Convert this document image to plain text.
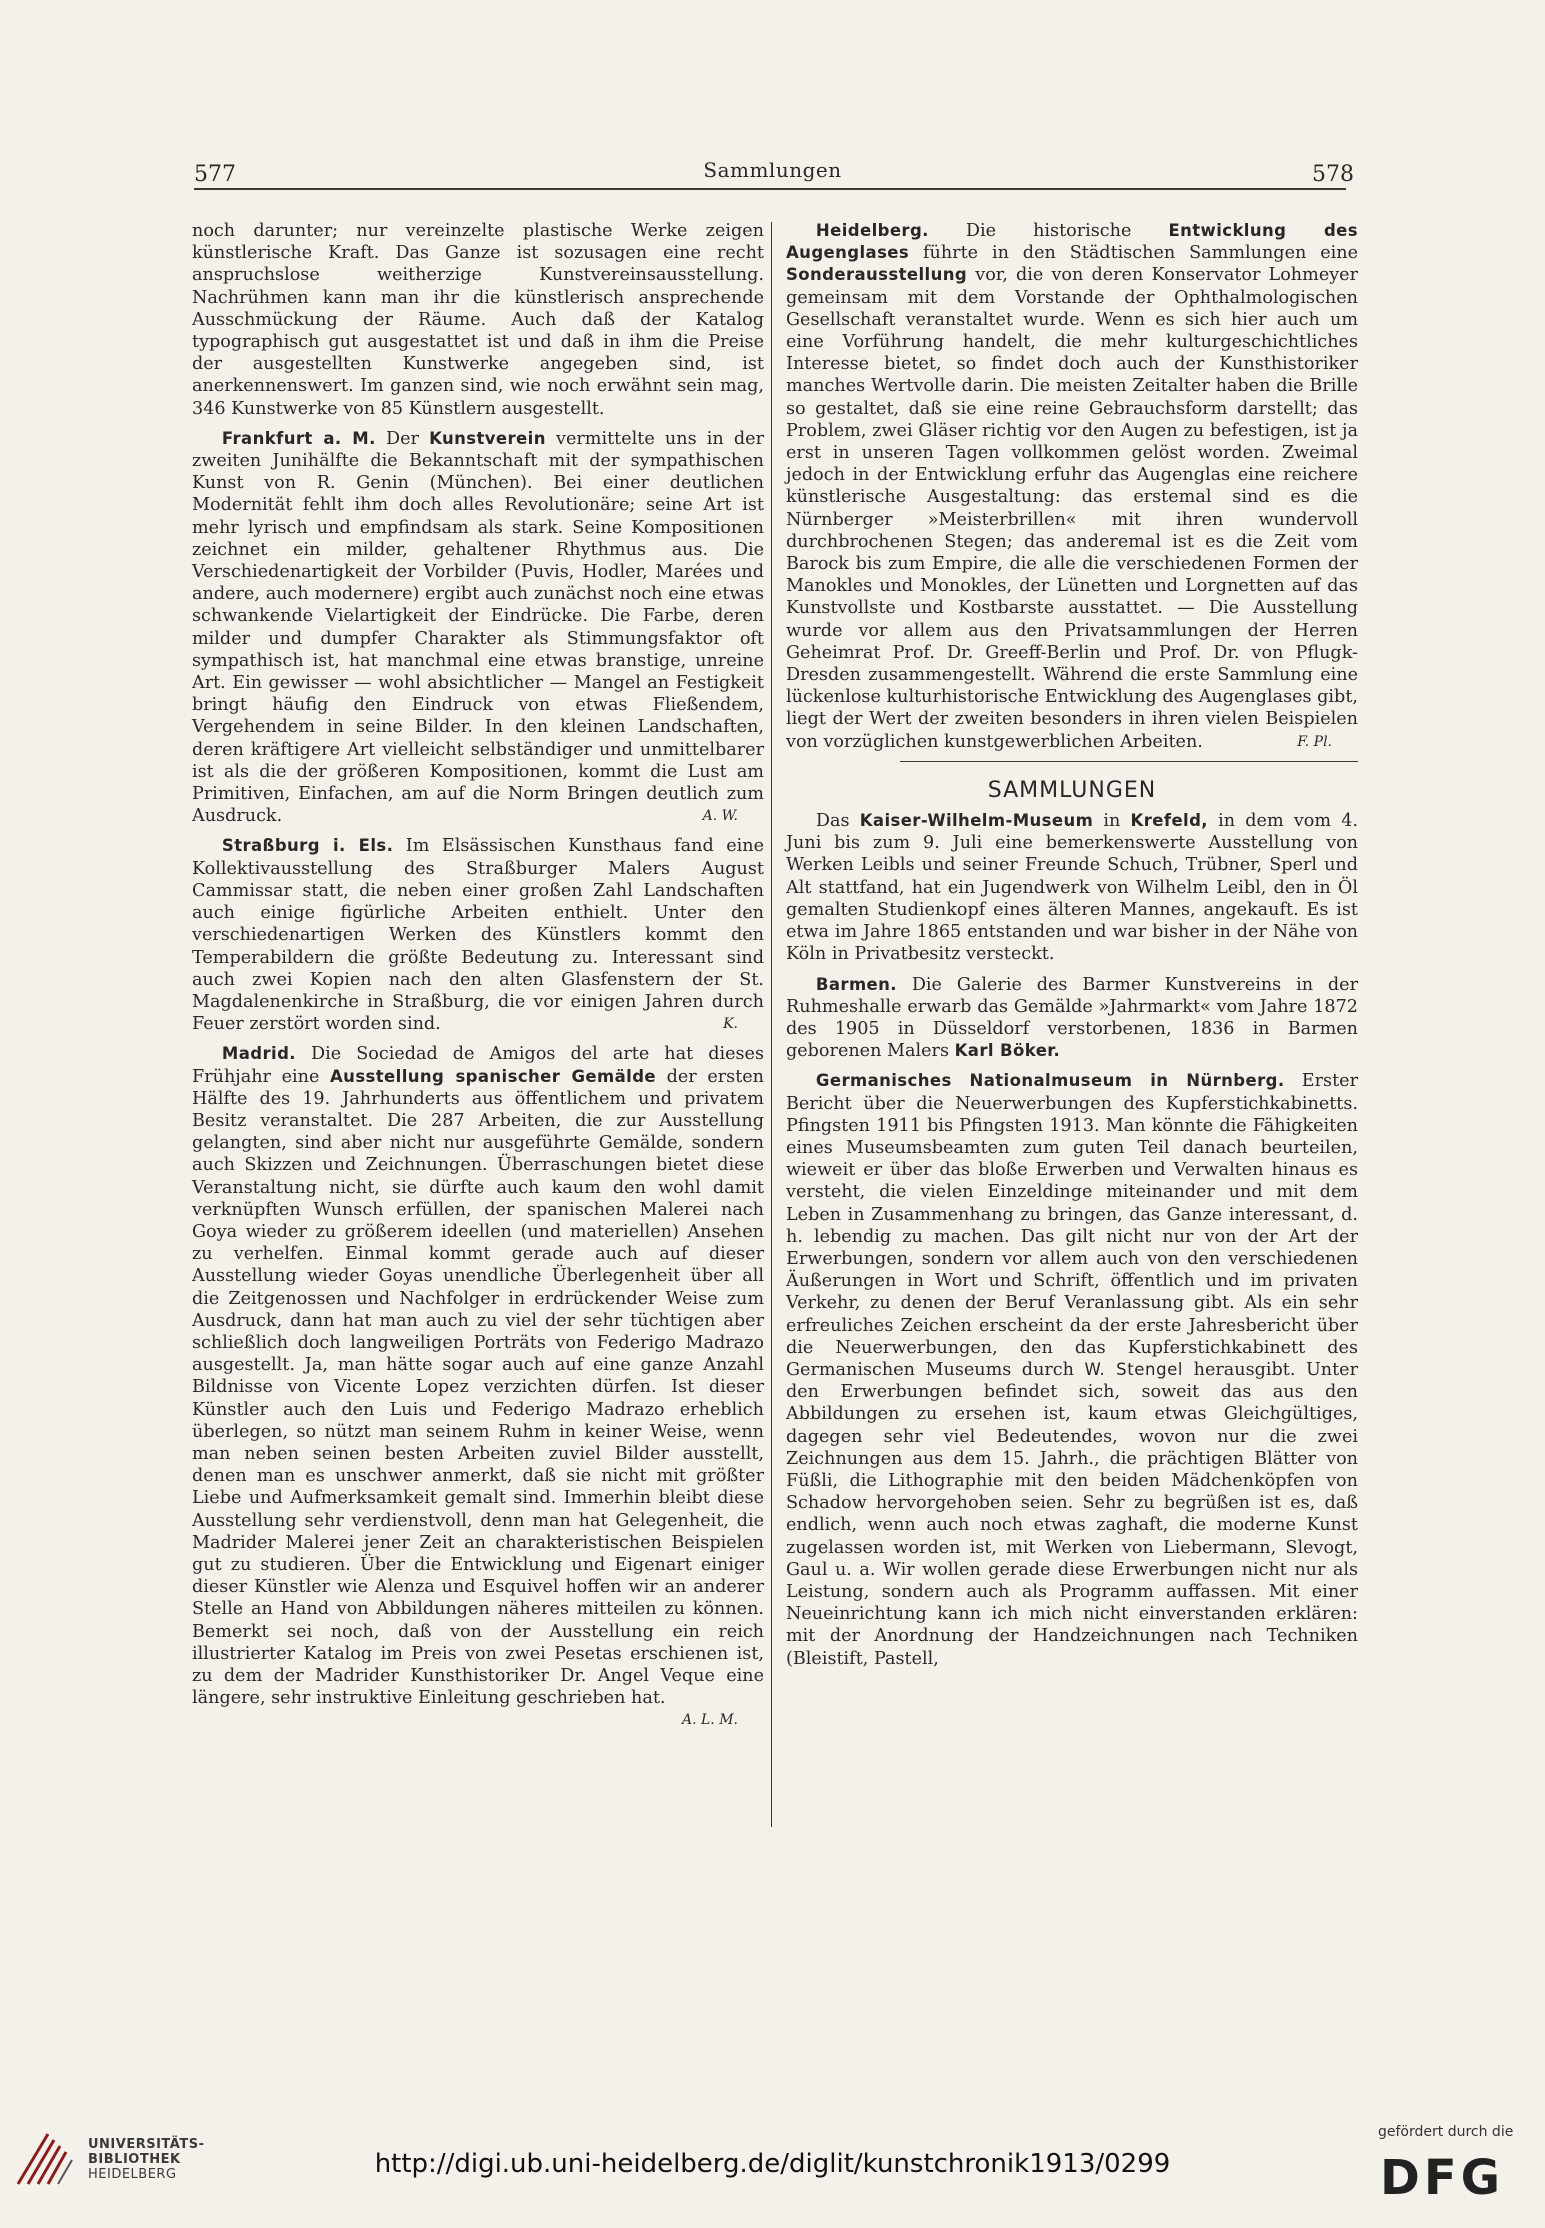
577	Sammlungen	578

noch darunter; nur vereinzelte plastische Werke zeigen künstlerische Kraft. Das Ganze ist sozusagen eine recht anspruchslose weitherzige Kunstvereinsausstellung. Nachrühmen kann man ihr die künstlerisch ansprechende Ausschmückung der Räume. Auch daß der Katalog typographisch gut ausgestattet ist und daß in ihm die Preise der ausgestellten Kunstwerke angegeben sind, ist anerkennenswert. Im ganzen sind, wie noch erwähnt sein mag, 346 Kunstwerke von 85 Künstlern ausgestellt.

Frankfurt a. M. Der Kunstverein vermittelte uns in der zweiten Junihälfte die Bekanntschaft mit der sympathischen Kunst von R. Genin (München). Bei einer deutlichen Modernität fehlt ihm doch alles Revolutionäre; seine Art ist mehr lyrisch und empfindsam als stark. Seine Kompositionen zeichnet ein milder, gehaltener Rhythmus aus. Die Verschiedenartigkeit der Vorbilder (Puvis, Hodler, Marées und andere, auch modernere) ergibt auch zunächst noch eine etwas schwankende Vielartigkeit der Eindrücke. Die Farbe, deren milder und dumpfer Charakter als Stimmungsfaktor oft sympathisch ist, hat manchmal eine etwas branstige, unreine Art. Ein gewisser — wohl absichtlicher — Mangel an Festigkeit bringt häufig den Eindruck von etwas Fließendem, Vergehendem in seine Bilder. In den kleinen Landschaften, deren kräftigere Art vielleicht selbständiger und unmittelbarer ist als die der größeren Kompositionen, kommt die Lust am Primitiven, Einfachen, am auf die Norm Bringen deutlich zum Ausdruck.	A. W.

Straßburg i. Els. Im Elsässischen Kunsthaus fand eine Kollektivausstellung des Straßburger Malers August Cammissar statt, die neben einer großen Zahl Landschaften auch einige figürliche Arbeiten enthielt. Unter den verschiedenartigen Werken des Künstlers kommt den Temperabildern die größte Bedeutung zu. Interessant sind auch zwei Kopien nach den alten Glasfenstern der St. Magdalenenkirche in Straßburg, die vor einigen Jahren durch Feuer zerstört worden sind.	K.

Madrid. Die Sociedad de Amigos del arte hat dieses Frühjahr eine Ausstellung spanischer Gemälde der ersten Hälfte des 19. Jahrhunderts aus öffentlichem und privatem Besitz veranstaltet. Die 287 Arbeiten, die zur Ausstellung gelangten, sind aber nicht nur ausgeführte Gemälde, sondern auch Skizzen und Zeichnungen. Überraschungen bietet diese Veranstaltung nicht, sie dürfte auch kaum den wohl damit verknüpften Wunsch erfüllen, der spanischen Malerei nach Goya wieder zu größerem ideellen (und materiellen) Ansehen zu verhelfen. Einmal kommt gerade auch auf dieser Ausstellung wieder Goyas unendliche Überlegenheit über all die Zeitgenossen und Nachfolger in erdrückender Weise zum Ausdruck, dann hat man auch zu viel der sehr tüchtigen aber schließlich doch langweiligen Porträts von Federigo Madrazo ausgestellt. Ja, man hätte sogar auch auf eine ganze Anzahl Bildnisse von Vicente Lopez verzichten dürfen. Ist dieser Künstler auch den Luis und Federigo Madrazo erheblich überlegen, so nützt man seinem Ruhm in keiner Weise, wenn man neben seinen besten Arbeiten zuviel Bilder ausstellt, denen man es unschwer anmerkt, daß sie nicht mit größter Liebe und Aufmerksamkeit gemalt sind. Immerhin bleibt diese Ausstellung sehr verdienstvoll, denn man hat Gelegenheit, die Madrider Malerei jener Zeit an charakteristischen Beispielen gut zu studieren. Über die Entwicklung und Eigenart einiger dieser Künstler wie Alenza und Esquivel hoffen wir an anderer Stelle an Hand von Abbildungen näheres mitteilen zu können. Bemerkt sei noch, daß von der Ausstellung ein reich illustrierter Katalog im Preis von zwei Pesetas erschienen ist, zu dem der Madrider Kunsthistoriker Dr. Angel Veque eine längere, sehr instruktive Einleitung geschrieben hat.
A. L. M.

Heidelberg. Die historische Entwicklung des Augenglases führte in den Städtischen Sammlungen eine Sonderausstellung vor, die von deren Konservator Lohmeyer gemeinsam mit dem Vorstande der Ophthalmologischen Gesellschaft veranstaltet wurde. Wenn es sich hier auch um eine Vorführung handelt, die mehr kulturgeschichtliches Interesse bietet, so findet doch auch der Kunsthistoriker manches Wertvolle darin. Die meisten Zeitalter haben die Brille so gestaltet, daß sie eine reine Gebrauchsform darstellt; das Problem, zwei Gläser richtig vor den Augen zu befestigen, ist ja erst in unseren Tagen vollkommen gelöst worden. Zweimal jedoch in der Entwicklung erfuhr das Augenglas eine reichere künstlerische Ausgestaltung: das erstemal sind es die Nürnberger »Meisterbrillen« mit ihren wundervoll durchbrochenen Stegen; das anderemal ist es die Zeit vom Barock bis zum Empire, die alle die verschiedenen Formen der Manokles und Monokles, der Lünetten und Lorgnetten auf das Kunstvollste und Kostbarste ausstattet. — Die Ausstellung wurde vor allem aus den Privatsammlungen der Herren Geheimrat Prof. Dr. Greeff-Berlin und Prof. Dr. von Pflugk-Dresden zusammengestellt. Während die erste Sammlung eine lückenlose kulturhistorische Entwicklung des Augenglases gibt, liegt der Wert der zweiten besonders in ihren vielen Beispielen von vorzüglichen kunstgewerblichen Arbeiten.	F. Pl.

SAMMLUNGEN

Das Kaiser-Wilhelm-Museum in Krefeld, in dem vom 4. Juni bis zum 9. Juli eine bemerkenswerte Ausstellung von Werken Leibls und seiner Freunde Schuch, Trübner, Sperl und Alt stattfand, hat ein Jugendwerk von Wilhelm Leibl, den in Öl gemalten Studienkopf eines älteren Mannes, angekauft. Es ist etwa im Jahre 1865 entstanden und war bisher in der Nähe von Köln in Privatbesitz versteckt.

Barmen. Die Galerie des Barmer Kunstvereins in der Ruhmeshalle erwarb das Gemälde »Jahrmarkt« vom Jahre 1872 des 1905 in Düsseldorf verstorbenen, 1836 in Barmen geborenen Malers Karl Böker.

Germanisches Nationalmuseum in Nürnberg. Erster Bericht über die Neuerwerbungen des Kupferstichkabinetts. Pfingsten 1911 bis Pfingsten 1913. Man könnte die Fähigkeiten eines Museumsbeamten zum guten Teil danach beurteilen, wieweit er über das bloße Erwerben und Verwalten hinaus es versteht, die vielen Einzeldinge miteinander und mit dem Leben in Zusammenhang zu bringen, das Ganze interessant, d. h. lebendig zu machen. Das gilt nicht nur von der Art der Erwerbungen, sondern vor allem auch von den verschiedenen Äußerungen in Wort und Schrift, öffentlich und im privaten Verkehr, zu denen der Beruf Veranlassung gibt. Als ein sehr erfreuliches Zeichen erscheint da der erste Jahresbericht über die Neuerwerbungen, den das Kupferstichkabinett des Germanischen Museums durch W. Stengel herausgibt. Unter den Erwerbungen befindet sich, soweit das aus den Abbildungen zu ersehen ist, kaum etwas Gleichgültiges, dagegen sehr viel Bedeutendes, wovon nur die zwei Zeichnungen aus dem 15. Jahrh., die prächtigen Blätter von Füßli, die Lithographie mit den beiden Mädchenköpfen von Schadow hervorgehoben seien. Sehr zu begrüßen ist es, daß endlich, wenn auch noch etwas zaghaft, die moderne Kunst zugelassen worden ist, mit Werken von Liebermann, Slevogt, Gaul u. a. Wir wollen gerade diese Erwerbungen nicht nur als Leistung, sondern auch als Programm auffassen. Mit einer Neueinrichtung kann ich mich nicht einverstanden erklären: mit der Anordnung der Handzeichnungen nach Techniken (Bleistift, Pastell,

UNIVERSITÄTS-
BIBLIOTHEK
HEIDELBERG	http://digi.ub.uni-heidelberg.de/diglit/kunstchronik1913/0299
gefördert durch die
DFG
